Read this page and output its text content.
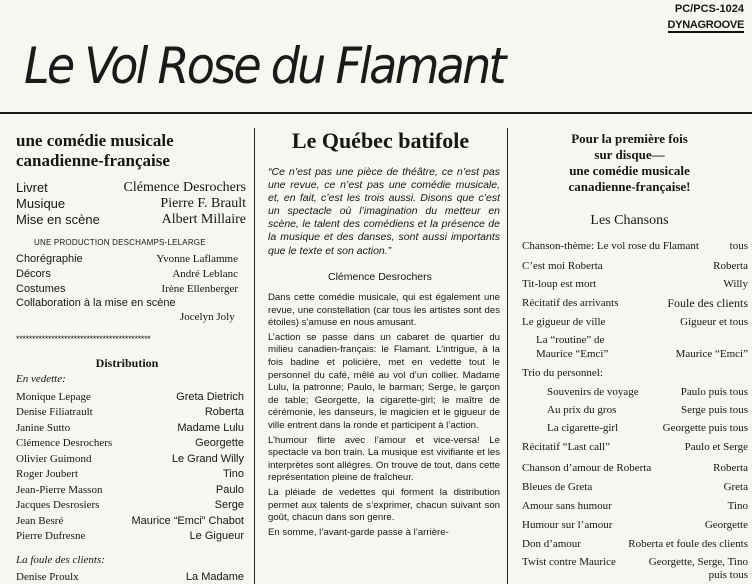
PC/PCS-1024
DYNAGROOVE
Le Vol Rose du Flamant
une comédie musicale
canadienne-française
Livret	Clémence Desrochers
Musique	Pierre F. Brault
Mise en scène	Albert Millaire
UNE PRODUCTION DESCHAMPS-LELARGE
Chorégraphie	Yvonne Laflamme
Décors	André Leblanc
Costumes	Irène Ellenberger
Collaboration à la mise en scène
Jocelyn Joly
******************************************
Distribution
En vedette:
Monique Lepage	Greta Dietrich
Denise Filiatrault	Roberta
Janine Sutto	Madame Lulu
Clémence Desrochers	Georgette
Olivier Guimond	Le Grand Willy
Roger Joubert	Tino
Jean-Pierre Masson	Paulo
Jacques Desrosiers	Serge
Jean Besré	Maurice “Emci” Chabot
Pierre Dufresne	Le Gigueur
La foule des clients:
Denise Proulx	La Madame
Le Québec batifole
“Ce n’est pas une pièce de théâtre, ce n’est pas une revue, ce n’est pas une comédie musicale, et, en fait, c’est les trois aussi. Disons que c’est un spectacle où l’imagination du metteur en scène, le talent des comédiens et la présence de la musique et des danses, sont aussi importants que le texte et son action.”
Clémence Desrochers

Dans cette comédie musicale, qui est également une revue, une constellation (car tous les artistes sont des étoiles) s’amuse en nous amusant.

L’action se passe dans un cabaret de quartier du milieu canadien-français: le Flamant. L’intrigue, à la fois badine et policière, met en vedette tout le personnel du café, mêlé au vol d’un collier. Madame Lulu, la patronne; Paulo, le barman; Serge, le garçon de table; Georgette, la cigarette-girl; le maître de cérémonie, les danseurs, le magicien et le gigueur de ville entrent dans la ronde et participent à l’action.

L’humour flirte avec l’amour et vice-versa! Le spectacle va bon train. La musique est vivifiante et les interprètes sont allègres. On trouve de tout, dans cette représentation pleine de fraîcheur.

La pléiade de vedettes qui forment la distribution permet aux talents de s’exprimer, chacun suivant son goût, chacun dans son genre.

En somme, l’avant-garde passe à l’arrière-

Pour la première fois
sur disque—
une comédie musicale
canadienne-française!
Les Chansons
Chanson-thème: Le vol rose du Flamant	tous
C’est moi Roberta	Roberta
Tit-loup est mort	Willy
Récitatif des arrivants	Foule des clients
Le gigueur de ville	Gigueur et tous
La “routine” de
Maurice “Emci”	Maurice “Emci”
Trio du personnel:
Souvenirs de voyage	Paulo puis tous
Au prix du gros	Serge puis tous
La cigarette-girl	Georgette puis tous
Récitatif “Last call”	Paulo et Serge
Chanson d’amour de Roberta	Roberta
Bleues de Greta	Greta
Amour sans humour	Tino
Humour sur l’amour	Georgette
Don d’amour	Roberta et foule des clients
Twist contre Maurice	Georgette, Serge, Tino
puis tous
